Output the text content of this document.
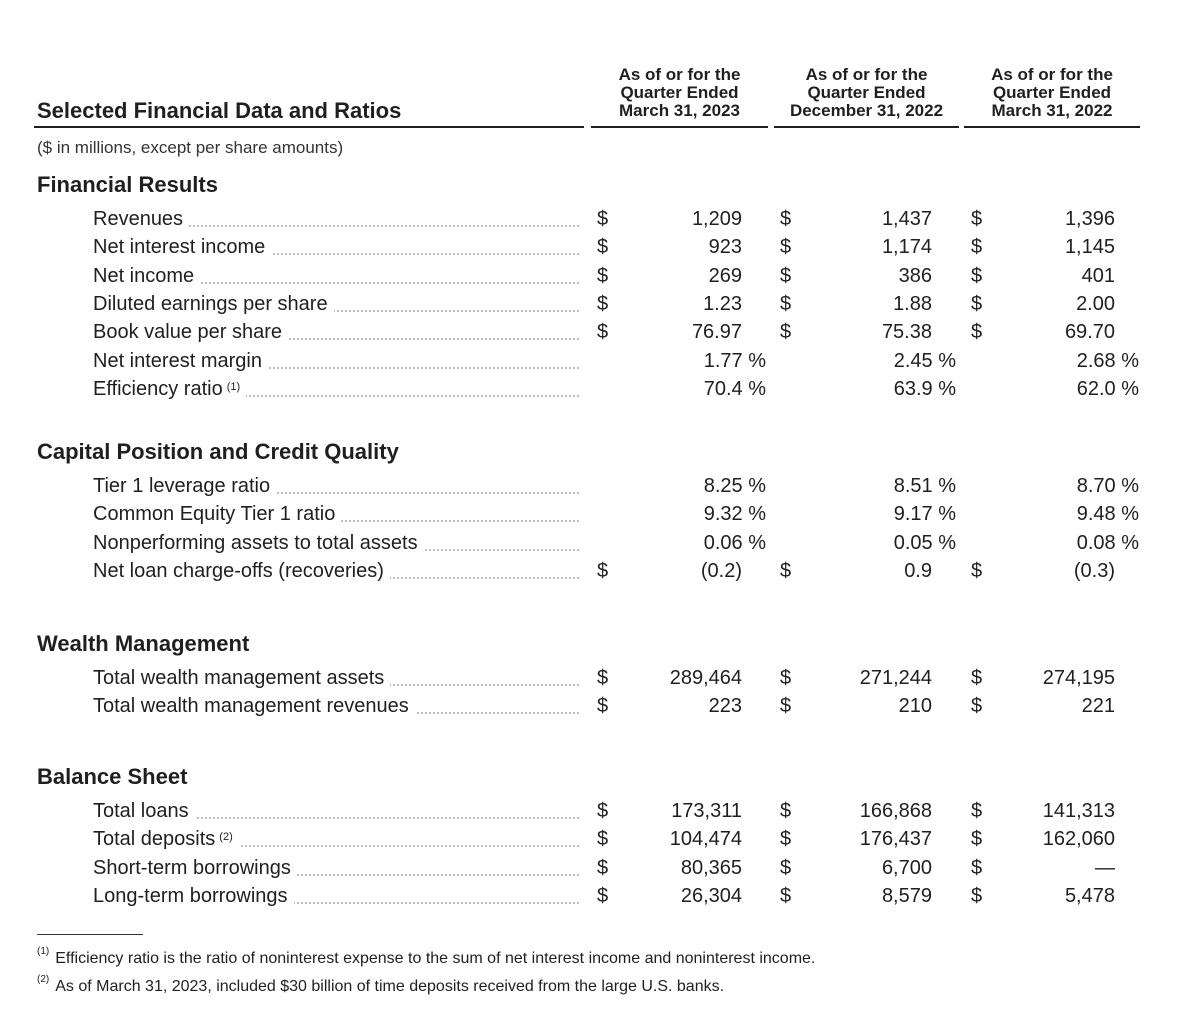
Selected Financial Data and Ratios
As of or for the
Quarter Ended
March 31, 2023
As of or for the
Quarter Ended
December 31, 2022
As of or for the
Quarter Ended
March 31, 2022
($ in millions, except per share amounts)
Financial Results
Capital Position and Credit Quality
Wealth Management
Balance Sheet
Revenues	$	1,209 $	1,437 $	1,396
Net interest income	$	923 $	1,174 $	1,145
Net income	$	269 $	386 $	401
Diluted earnings per share	$	1.23 $	1.88 $	2.00
Book value per share	$	76.97 $	75.38 $	69.70
Net interest margin	1.77 %	2.45 %	2.68 %
Efficiency ratio $^{(1)}$	70.4 %	63.9 %	62.0 %
Tier 1 leverage ratio	8.25 %	8.51 %	8.70 %
Common Equity Tier 1 ratio	9.32 %	9.17 %	9.48 %
Nonperforming assets to total assets	0.06 %	0.05 %	0.08 %
Net loan charge-offs (recoveries)	$	(0.2) $	0.9 $	(0.3)
Total wealth management assets	$	289,464 $	271,244 $	274,195
Total wealth management revenues	$	223 $	210 $	221
Total loans	$	173,311 $	166,868 $	141,313
Total deposits $^{(2)}$	$	104,474 $	176,437 $	162,060
Short-term borrowings	$	80,365 $	6,700 $	—
Long-term borrowings	$	26,304 $	8,579 $	5,478
$^{(1)}$ Efficiency ratio is the ratio of noninterest expense to the sum of net interest income and noninterest income.
$^{(2)}$ As of March 31, 2023, included $30 billion of time deposits received from the large U.S. banks.
